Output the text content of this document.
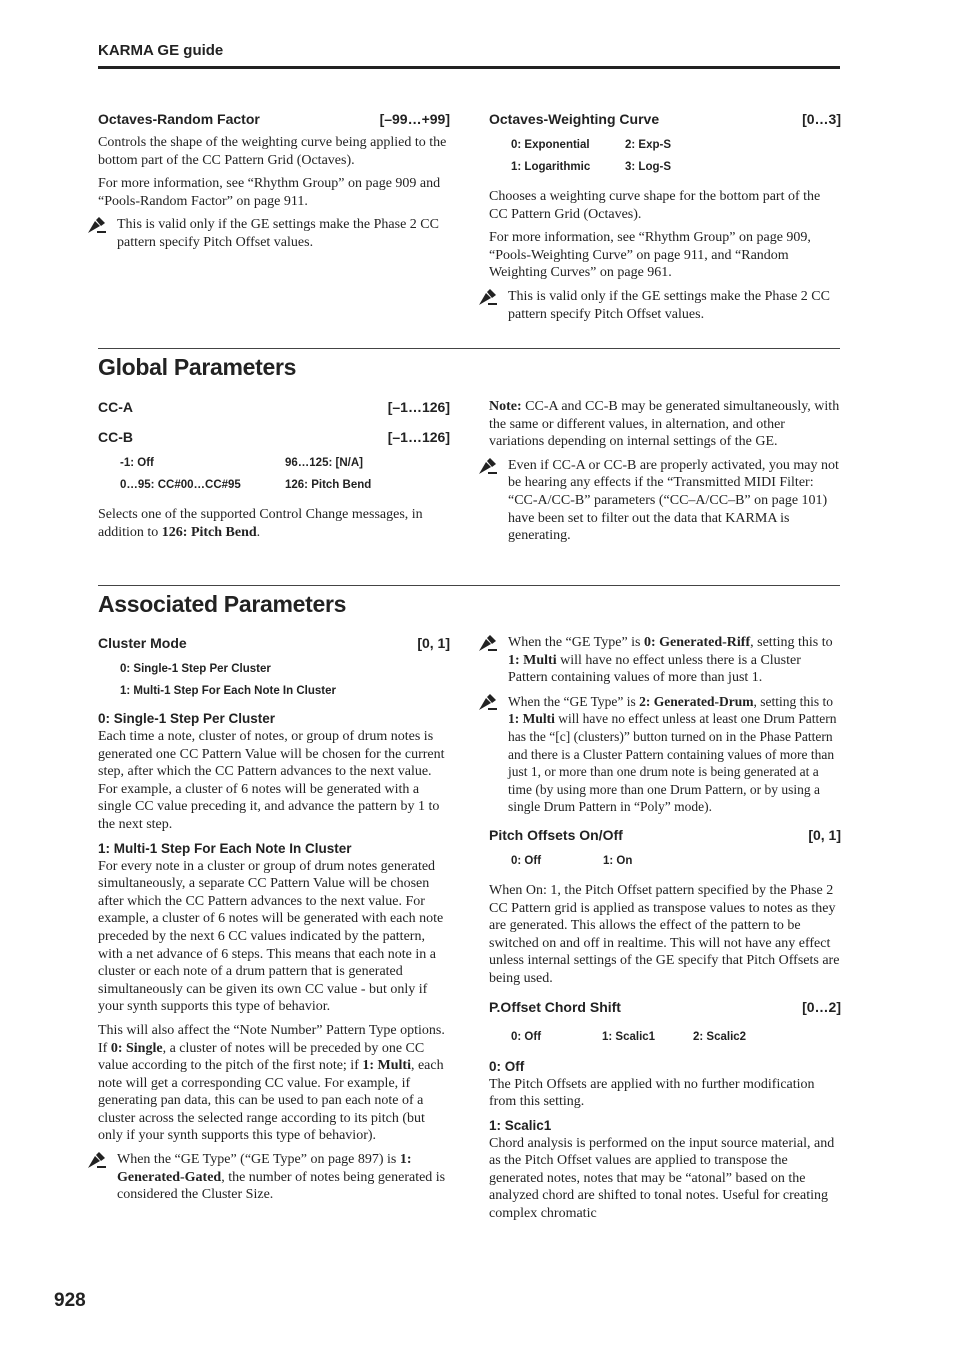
KARMA GE guide
Octaves-Random Factor	[–99…+99]

Controls the shape of the weighting curve being applied to the bottom part of the CC Pattern Grid (Octaves).

For more information, see “Rhythm Group” on page 909 and “Pools-Random Factor” on page 911.

This is valid only if the GE settings make the Phase 2 CC pattern specify Pitch Offset values.
Octaves-Weighting Curve	[0…3]
0: Exponential	2: Exp-S
1: Logarithmic	3: Log-S

Chooses a weighting curve shape for the bottom part of the CC Pattern Grid (Octaves).

For more information, see “Rhythm Group” on page 909, “Pools-Weighting Curve” on page 911, and “Random Weighting Curves” on page 961.

This is valid only if the GE settings make the Phase 2 CC pattern specify Pitch Offset values.
Global Parameters
CC-A	[–1…126]
CC-B	[–1…126]
-1: Off	96…125: [N/A]
0…95: CC#00…CC#95	126: Pitch Bend

Selects one of the supported Control Change messages, in addition to 126: Pitch Bend.

Note: CC-A and CC-B may be generated simultaneously, with the same or different values, in alternation, and other variations depending on internal settings of the GE.

Even if CC-A or CC-B are properly activated, you may not be hearing any effects if the “Transmitted MIDI Filter: “CC-A/CC-B” parameters (“CC–A/CC–B” on page 101) have been set to filter out the data that KARMA is generating.
Associated Parameters
Cluster Mode	[0, 1]
0: Single-1 Step Per Cluster
1: Multi-1 Step For Each Note In Cluster
0: Single-1 Step Per Cluster

Each time a note, cluster of notes, or group of drum notes is generated one CC Pattern Value will be chosen for the current step, after which the CC Pattern advances to the next value. For example, a cluster of 6 notes will be generated with a single CC value preceding it, and advance the pattern by 1 to the next step.

1: Multi-1 Step For Each Note In Cluster

For every note in a cluster or group of drum notes generated simultaneously, a separate CC Pattern Value will be chosen after which the CC Pattern advances to the next value. For example, a cluster of 6 notes will be generated with each note preceded by the next 6 CC values indicated by the pattern, with a net advance of 6 steps. This means that each note in a cluster or each note of a drum pattern that is generated simultaneously can be given its own CC value - but only if your synth supports this type of behavior.

This will also affect the “Note Number” Pattern Type options. If 0: Single, a cluster of notes will be preceded by one CC value according to the pitch of the first note; if 1: Multi, each note will get a corresponding CC value. For example, if generating pan data, this can be used to pan each note of a cluster across the selected range according to its pitch (but only if your synth supports this type of behavior).

When the “GE Type” (“GE Type” on page 897) is 1: Generated-Gated, the number of notes being generated is considered the Cluster Size.
When the “GE Type” is 0: Generated-Riff, setting this to 1: Multi will have no effect unless there is a Cluster Pattern containing values of more than just 1.
When the “GE Type” is 2: Generated-Drum, setting this to 1: Multi will have no effect unless at least one Drum Pattern has the “[c] (clusters)” button turned on in the Phase Pattern and there is a Cluster Pattern containing values of more than just 1, or more than one drum note is being generated at a time (by using more than one Drum Pattern, or by using a single Drum Pattern in “Poly” mode).
Pitch Offsets On/Off	[0, 1]
0: Off	1: On

When On: 1, the Pitch Offset pattern specified by the Phase 2 CC Pattern grid is applied as transpose values to notes as they are generated. This allows the effect of the pattern to be switched on and off in realtime. This will not have any effect unless internal settings of the GE specify that Pitch Offsets are being used.

P.Offset Chord Shift	[0…2]
0: Off	1: Scalic1	2: Scalic2
0: Off

The Pitch Offsets are applied with no further modification from this setting.

1: Scalic1

Chord analysis is performed on the input source material, and as the Pitch Offset values are applied to transpose the generated notes, notes that may be “atonal” based on the analyzed chord are shifted to tonal notes. Useful for creating complex chromatic

928
